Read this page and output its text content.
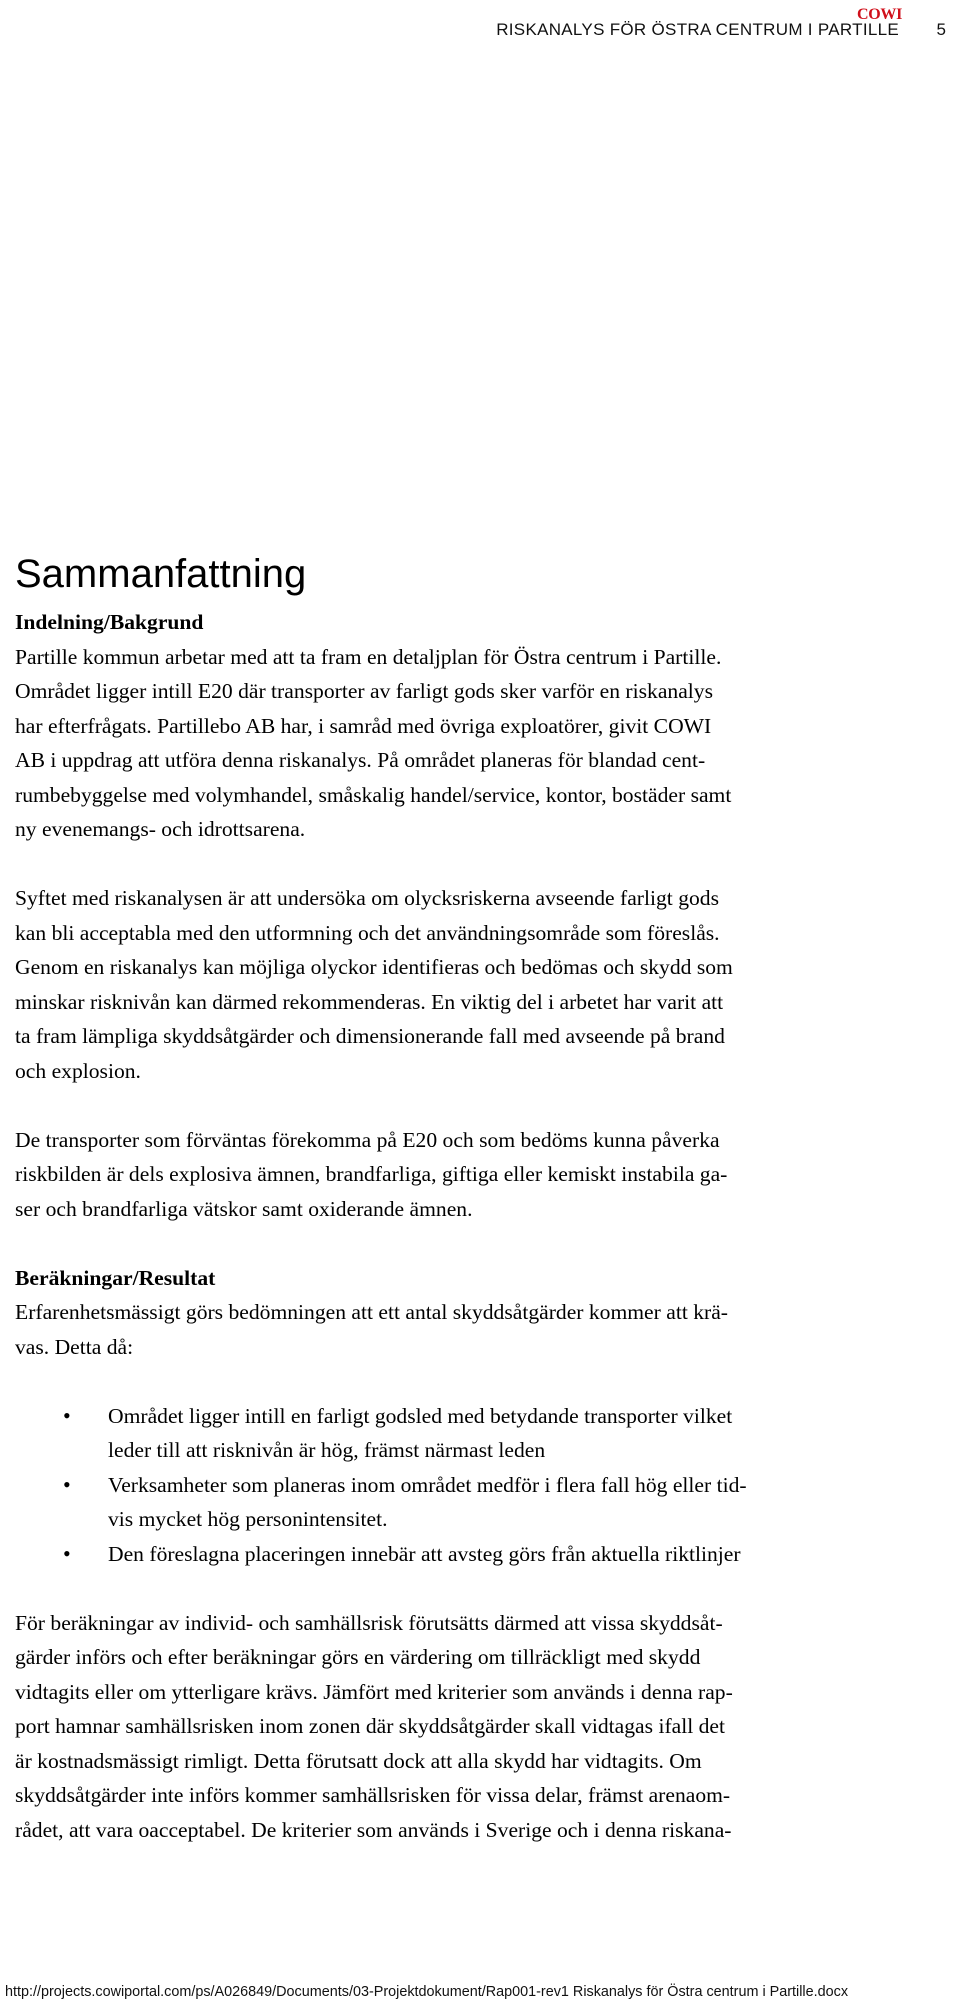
COWI
RISKANALYS FÖR ÖSTRA CENTRUM I PARTILLE 5
Sammanfattning
Indelning/Bakgrund

Partille kommun arbetar med att ta fram en detaljplan för Östra centrum i Partille.
Området ligger intill E20 där transporter av farligt gods sker varför en riskanalys
har efterfrågats. Partillebo AB har, i samråd med övriga exploatörer, givit COWI
AB i uppdrag att utföra denna riskanalys. På området planeras för blandad cent-
rumbebyggelse med volymhandel, småskalig handel/service, kontor, bostäder samt
ny evenemangs- och idrottsarena.

Syftet med riskanalysen är att undersöka om olycksriskerna avseende farligt gods
kan bli acceptabla med den utformning och det användningsområde som föreslås.
Genom en riskanalys kan möjliga olyckor identifieras och bedömas och skydd som
minskar risknivån kan därmed rekommenderas. En viktig del i arbetet har varit att
ta fram lämpliga skyddsåtgärder och dimensionerande fall med avseende på brand
och explosion.

De transporter som förväntas förekomma på E20 och som bedöms kunna påverka
riskbilden är dels explosiva ämnen, brandfarliga, giftiga eller kemiskt instabila ga-
ser och brandfarliga vätskor samt oxiderande ämnen.

Beräkningar/Resultat

Erfarenhetsmässigt görs bedömningen att ett antal skyddsåtgärder kommer att krä-
vas. Detta då:

• Området ligger intill en farligt godsled med betydande transporter vilket
leder till att risknivån är hög, främst närmast leden
• Verksamheter som planeras inom området medför i flera fall hög eller tid-
vis mycket hög personintensitet.
• Den föreslagna placeringen innebär att avsteg görs från aktuella riktlinjer

För beräkningar av individ- och samhällsrisk förutsätts därmed att vissa skyddsåt-
gärder införs och efter beräkningar görs en värdering om tillräckligt med skydd
vidtagits eller om ytterligare krävs. Jämfört med kriterier som används i denna rap-
port hamnar samhällsrisken inom zonen där skyddsåtgärder skall vidtagas ifall det
är kostnadsmässigt rimligt. Detta förutsatt dock att alla skydd har vidtagits. Om
skyddsåtgärder inte införs kommer samhällsrisken för vissa delar, främst arenaom-
rådet, att vara oacceptabel. De kriterier som används i Sverige och i denna riskana-

http://projects.cowiportal.com/ps/A026849/Documents/03-Projektdokument/Rap001-rev1 Riskanalys för Östra centrum i Partille.docx
